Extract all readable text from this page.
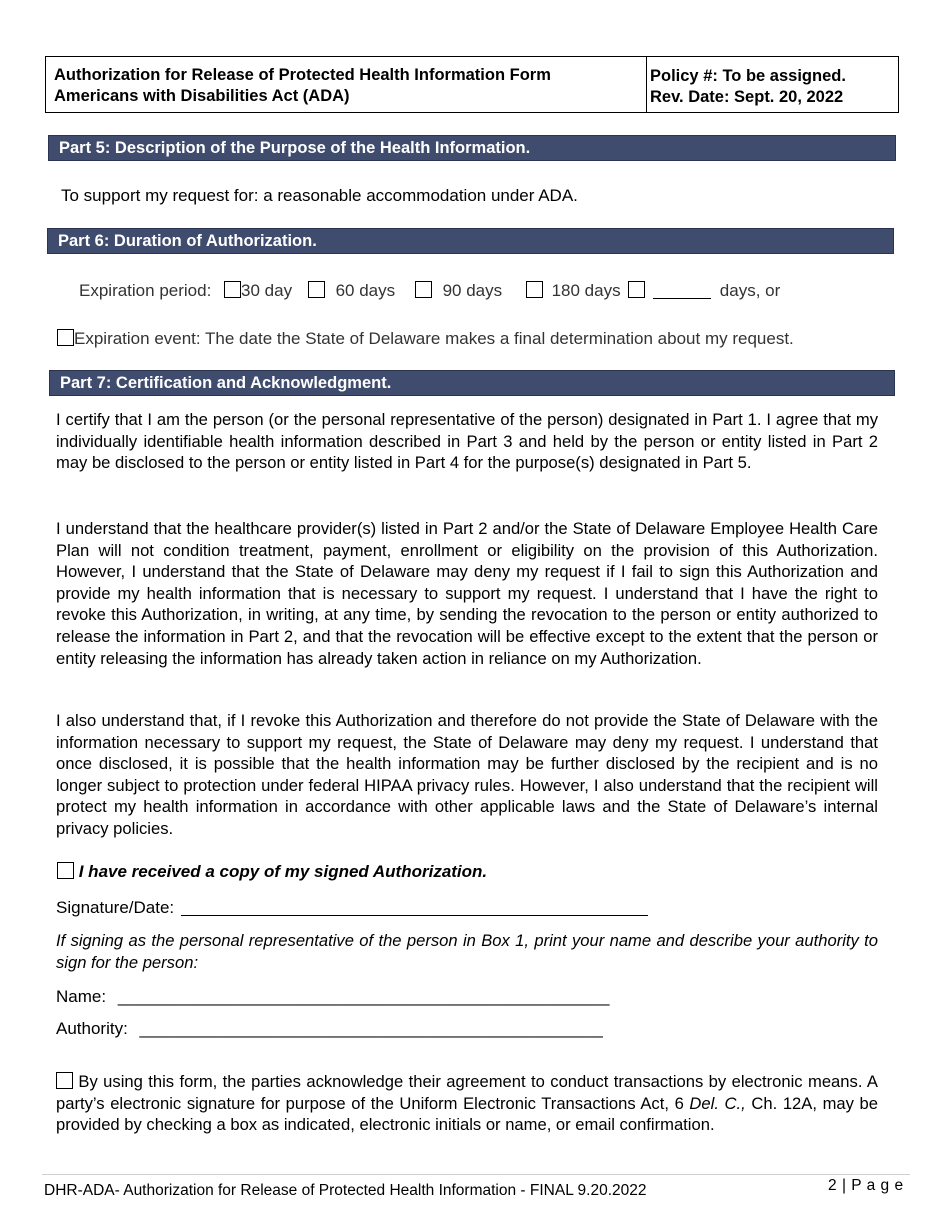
Authorization for Release of Protected Health Information Form
Americans with Disabilities Act (ADA)
Policy #: To be assigned.
Rev. Date: Sept. 20, 2022
Part 5: Description of the Purpose of the Health Information.
To support my request for: a reasonable accommodation under ADA.
Part 6: Duration of Authorization.
Expiration period: 30 day	60 days	90 days	180 days	days, or
Expiration event: The date the State of Delaware makes a final determination about my request.
Part 7: Certification and Acknowledgment.
I certify that I am the person (or the personal representative of the person) designated in Part 1. I agree that my individually identifiable health information described in Part 3 and held by the person or entity listed in Part 2 may be disclosed to the person or entity listed in Part 4 for the purpose(s) designated in Part 5.
I understand that the healthcare provider(s) listed in Part 2 and/or the State of Delaware Employee Health Care Plan will not condition treatment, payment, enrollment or eligibility on the provision of this Authorization. However, I understand that the State of Delaware may deny my request if I fail to sign this Authorization and provide my health information that is necessary to support my request. I understand that I have the right to revoke this Authorization, in writing, at any time, by sending the revocation to the person or entity authorized to release the information in Part 2, and that the revocation will be effective except to the extent that the person or entity releasing the information has already taken action in reliance on my Authorization.
I also understand that, if I revoke this Authorization and therefore do not provide the State of Delaware with the information necessary to support my request, the State of Delaware may deny my request. I understand that once disclosed, it is possible that the health information may be further disclosed by the recipient and is no longer subject to protection under federal HIPAA privacy rules. However, I also understand that the recipient will protect my health information in accordance with other applicable laws and the State of Delaware’s internal privacy policies.
I have received a copy of my signed Authorization.
Signature/Date:
If signing as the personal representative of the person in Box 1, print your name and describe your authority to sign for the person:
Name: ____________________________________________________
Authority: _________________________________________________
By using this form, the parties acknowledge their agreement to conduct transactions by electronic means. A party’s electronic signature for purpose of the Uniform Electronic Transactions Act, 6 Del. C., Ch. 12A, may be provided by checking a box as indicated, electronic initials or name, or email confirmation.
DHR-ADA- Authorization for Release of Protected Health Information - FINAL 9.20.2022	2 | P a g e
